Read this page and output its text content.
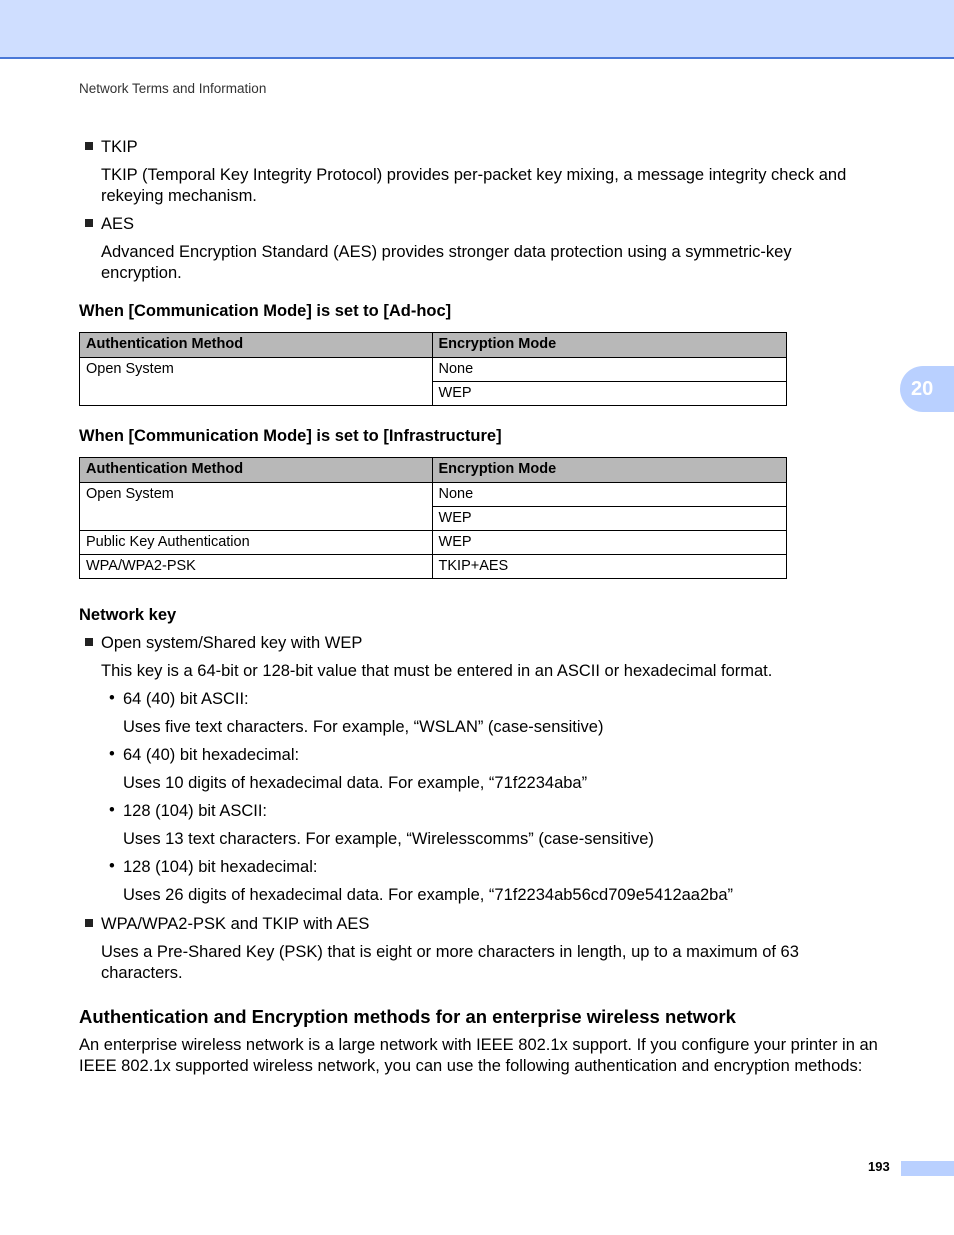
Network Terms and Information
20
TKIP
TKIP (Temporal Key Integrity Protocol) provides per-packet key mixing, a message integrity check and rekeying mechanism.
AES
Advanced Encryption Standard (AES) provides stronger data protection using a symmetric-key encryption.
When [Communication Mode] is set to [Ad-hoc]
Authentication Method	Encryption Mode
Open System	None
	WEP
When [Communication Mode] is set to [Infrastructure]
Authentication Method	Encryption Mode
Open System	None
	WEP
Public Key Authentication	WEP
WPA/WPA2-PSK	TKIP+AES
Network key
Open system/Shared key with WEP
This key is a 64-bit or 128-bit value that must be entered in an ASCII or hexadecimal format.
• 64 (40) bit ASCII:
Uses five text characters. For example, “WSLAN” (case-sensitive)
• 64 (40) bit hexadecimal:
Uses 10 digits of hexadecimal data. For example, “71f2234aba”
• 128 (104) bit ASCII:
Uses 13 text characters. For example, “Wirelesscomms” (case-sensitive)
• 128 (104) bit hexadecimal:
Uses 26 digits of hexadecimal data. For example, “71f2234ab56cd709e5412aa2ba”
WPA/WPA2-PSK and TKIP with AES
Uses a Pre-Shared Key (PSK) that is eight or more characters in length, up to a maximum of 63 characters.
Authentication and Encryption methods for an enterprise wireless network
An enterprise wireless network is a large network with IEEE 802.1x support. If you configure your printer in an IEEE 802.1x supported wireless network, you can use the following authentication and encryption methods:
193
